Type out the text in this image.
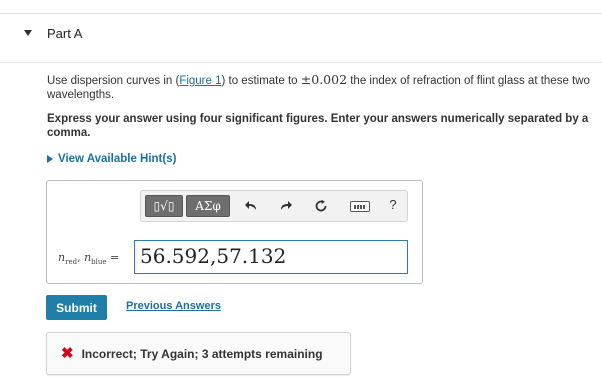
Part A
Use dispersion curves in (Figure 1) to estimate to ±0.002 the index of refraction of flint glass at these two wavelengths.
Express your answer using four significant figures. Enter your answers numerically separated by a comma.
View Available Hint(s)
▯√▯	ΑΣφ	?
$n_{red}$, $n_{blue} = 56.592,57.132$
Submit	Previous Answers
✖ Incorrect; Try Again; 3 attempts remaining
